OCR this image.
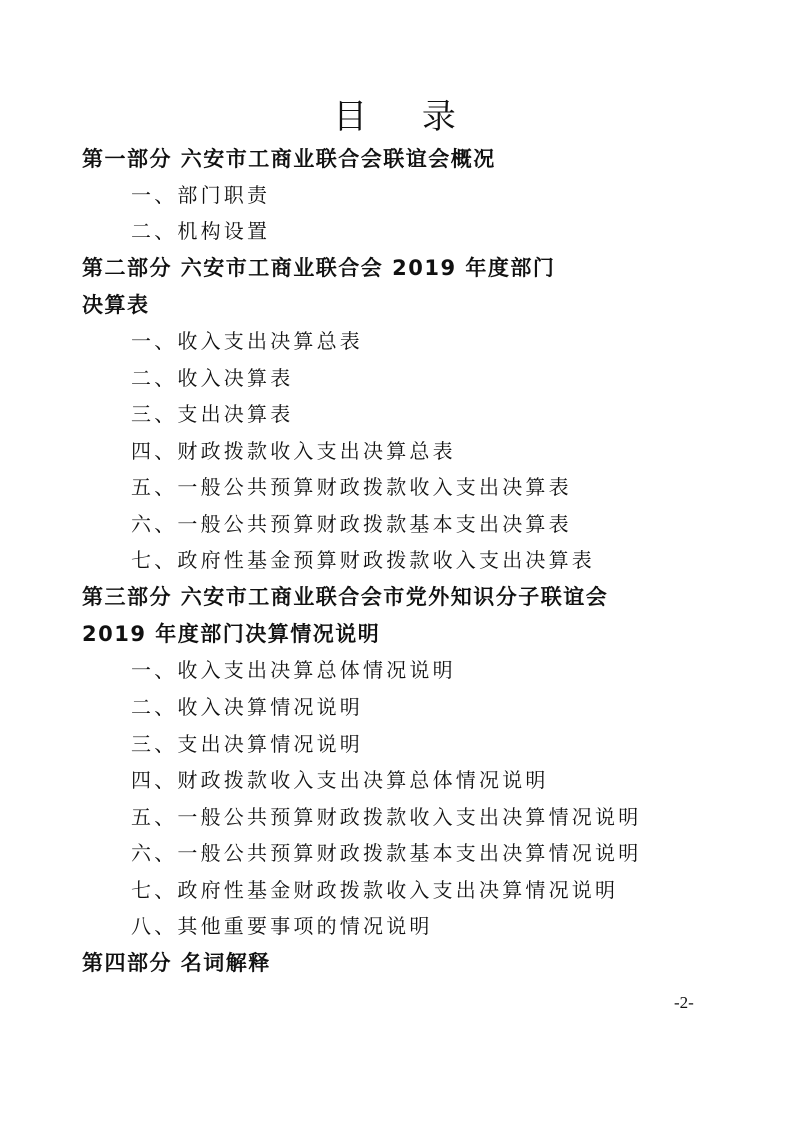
目 录
第一部分 六安市工商业联合会联谊会概况
一、部门职责
二、机构设置
第二部分 六安市工商业联合会 2019 年度部门
决算表
一、收入支出决算总表
二、收入决算表
三、支出决算表
四、财政拨款收入支出决算总表
五、一般公共预算财政拨款收入支出决算表
六、一般公共预算财政拨款基本支出决算表
七、政府性基金预算财政拨款收入支出决算表
第三部分 六安市工商业联合会市党外知识分子联谊会
2019 年度部门决算情况说明
一、收入支出决算总体情况说明
二、收入决算情况说明
三、支出决算情况说明
四、财政拨款收入支出决算总体情况说明
五、一般公共预算财政拨款收入支出决算情况说明
六、一般公共预算财政拨款基本支出决算情况说明
七、政府性基金财政拨款收入支出决算情况说明
八、其他重要事项的情况说明
第四部分 名词解释
-2-
